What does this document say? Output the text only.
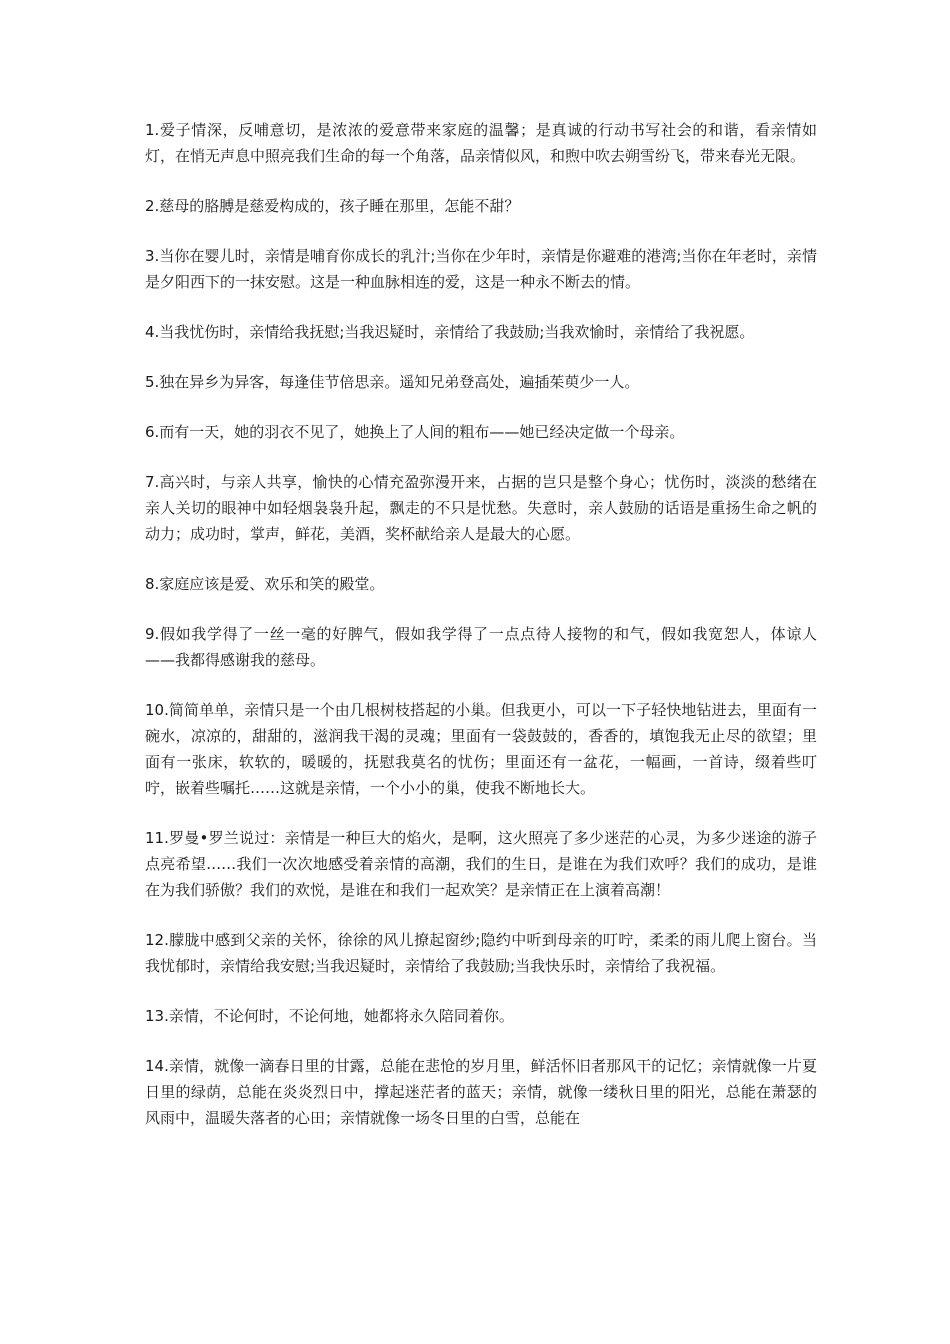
1.爱子情深，反哺意切，是浓浓的爱意带来家庭的温馨；是真诚的行动书写社会的和谐，看亲情如灯，在悄无声息中照亮我们生命的每一个角落，品亲情似风，和煦中吹去朔雪纷飞，带来春光无限。

2.慈母的胳膊是慈爱构成的，孩子睡在那里，怎能不甜？

3.当你在婴儿时，亲情是哺育你成长的乳汁;当你在少年时，亲情是你避难的港湾;当你在年老时，亲情是夕阳西下的一抹安慰。这是一种血脉相连的爱，这是一种永不断去的情。

4.当我忧伤时，亲情给我抚慰;当我迟疑时，亲情给了我鼓励;当我欢愉时，亲情给了我祝愿。

5.独在异乡为异客，每逢佳节倍思亲。遥知兄弟登高处，遍插茱萸少一人。

6.而有一天，她的羽衣不见了，她换上了人间的粗布——她已经决定做一个母亲。

7.高兴时，与亲人共享，愉快的心情充盈弥漫开来，占据的岂只是整个身心；忧伤时，淡淡的愁绪在亲人关切的眼神中如轻烟袅袅升起，飘走的不只是忧愁。失意时，亲人鼓励的话语是重扬生命之帆的动力；成功时，掌声，鲜花，美酒，奖杯献给亲人是最大的心愿。

8.家庭应该是爱、欢乐和笑的殿堂。

9.假如我学得了一丝一毫的好脾气，假如我学得了一点点待人接物的和气，假如我宽恕人，体谅人——我都得感谢我的慈母。

10.简简单单，亲情只是一个由几根树枝搭起的小巢。但我更小，可以一下子轻快地钻进去，里面有一碗水，凉凉的，甜甜的，滋润我干渴的灵魂；里面有一袋鼓鼓的，香香的，填饱我无止尽的欲望；里面有一张床，软软的，暖暖的，抚慰我莫名的忧伤；里面还有一盆花，一幅画，一首诗，缀着些叮咛，嵌着些嘱托……这就是亲情，一个小小的巢，使我不断地长大。

11.罗曼•罗兰说过：亲情是一种巨大的焰火，是啊，这火照亮了多少迷茫的心灵，为多少迷途的游子点亮希望……我们一次次地感受着亲情的高潮，我们的生日，是谁在为我们欢呼？我们的成功，是谁在为我们骄傲？我们的欢悦，是谁在和我们一起欢笑？是亲情正在上演着高潮！

12.朦胧中感到父亲的关怀，徐徐的风儿撩起窗纱;隐约中听到母亲的叮咛，柔柔的雨儿爬上窗台。当我忧郁时，亲情给我安慰;当我迟疑时，亲情给了我鼓励;当我快乐时，亲情给了我祝福。

13.亲情，不论何时，不论何地，她都将永久陪同着你。

14.亲情，就像一滴春日里的甘露，总能在悲怆的岁月里，鲜活怀旧者那风干的记忆；亲情就像一片夏日里的绿荫，总能在炎炎烈日中，撑起迷茫者的蓝天；亲情，就像一缕秋日里的阳光，总能在萧瑟的风雨中，温暖失落者的心田；亲情就像一场冬日里的白雪，总能在
